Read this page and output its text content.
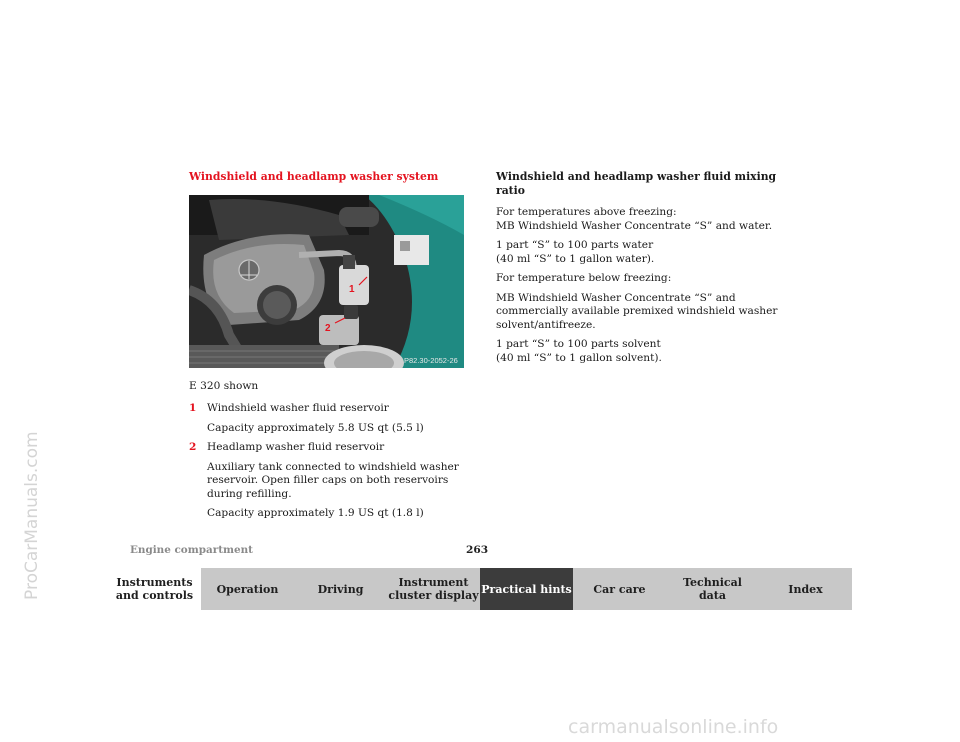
ProCarManuals.com
Windshield and headlamp washer system
1
2
P82.30-2052-26
E 320 shown
1	Windshield washer fluid reservoir
Capacity approximately 5.8 US qt (5.5 l)
2	Headlamp washer fluid reservoir
Auxiliary tank connected to windshield washer reservoir. Open filler caps on both reservoirs during refilling.
Capacity approximately 1.9 US qt (1.8 l)
Windshield and headlamp washer fluid mixing ratio

For temperatures above freezing:
MB Windshield Washer Concentrate “S” and water.

1 part “S” to 100 parts water
(40 ml “S” to 1 gallon water).

For temperature below freezing:

MB Windshield Washer Concentrate “S” and
commercially available premixed windshield washer
solvent/antifreeze.

1 part “S” to 100 parts solvent
(40 ml “S” to 1 gallon solvent).

Engine compartment	263
Instruments
and controls Operation	Driving	Instrument
cluster display Practical hints Car care	Technical
data	Index
carmanualsonline.info
